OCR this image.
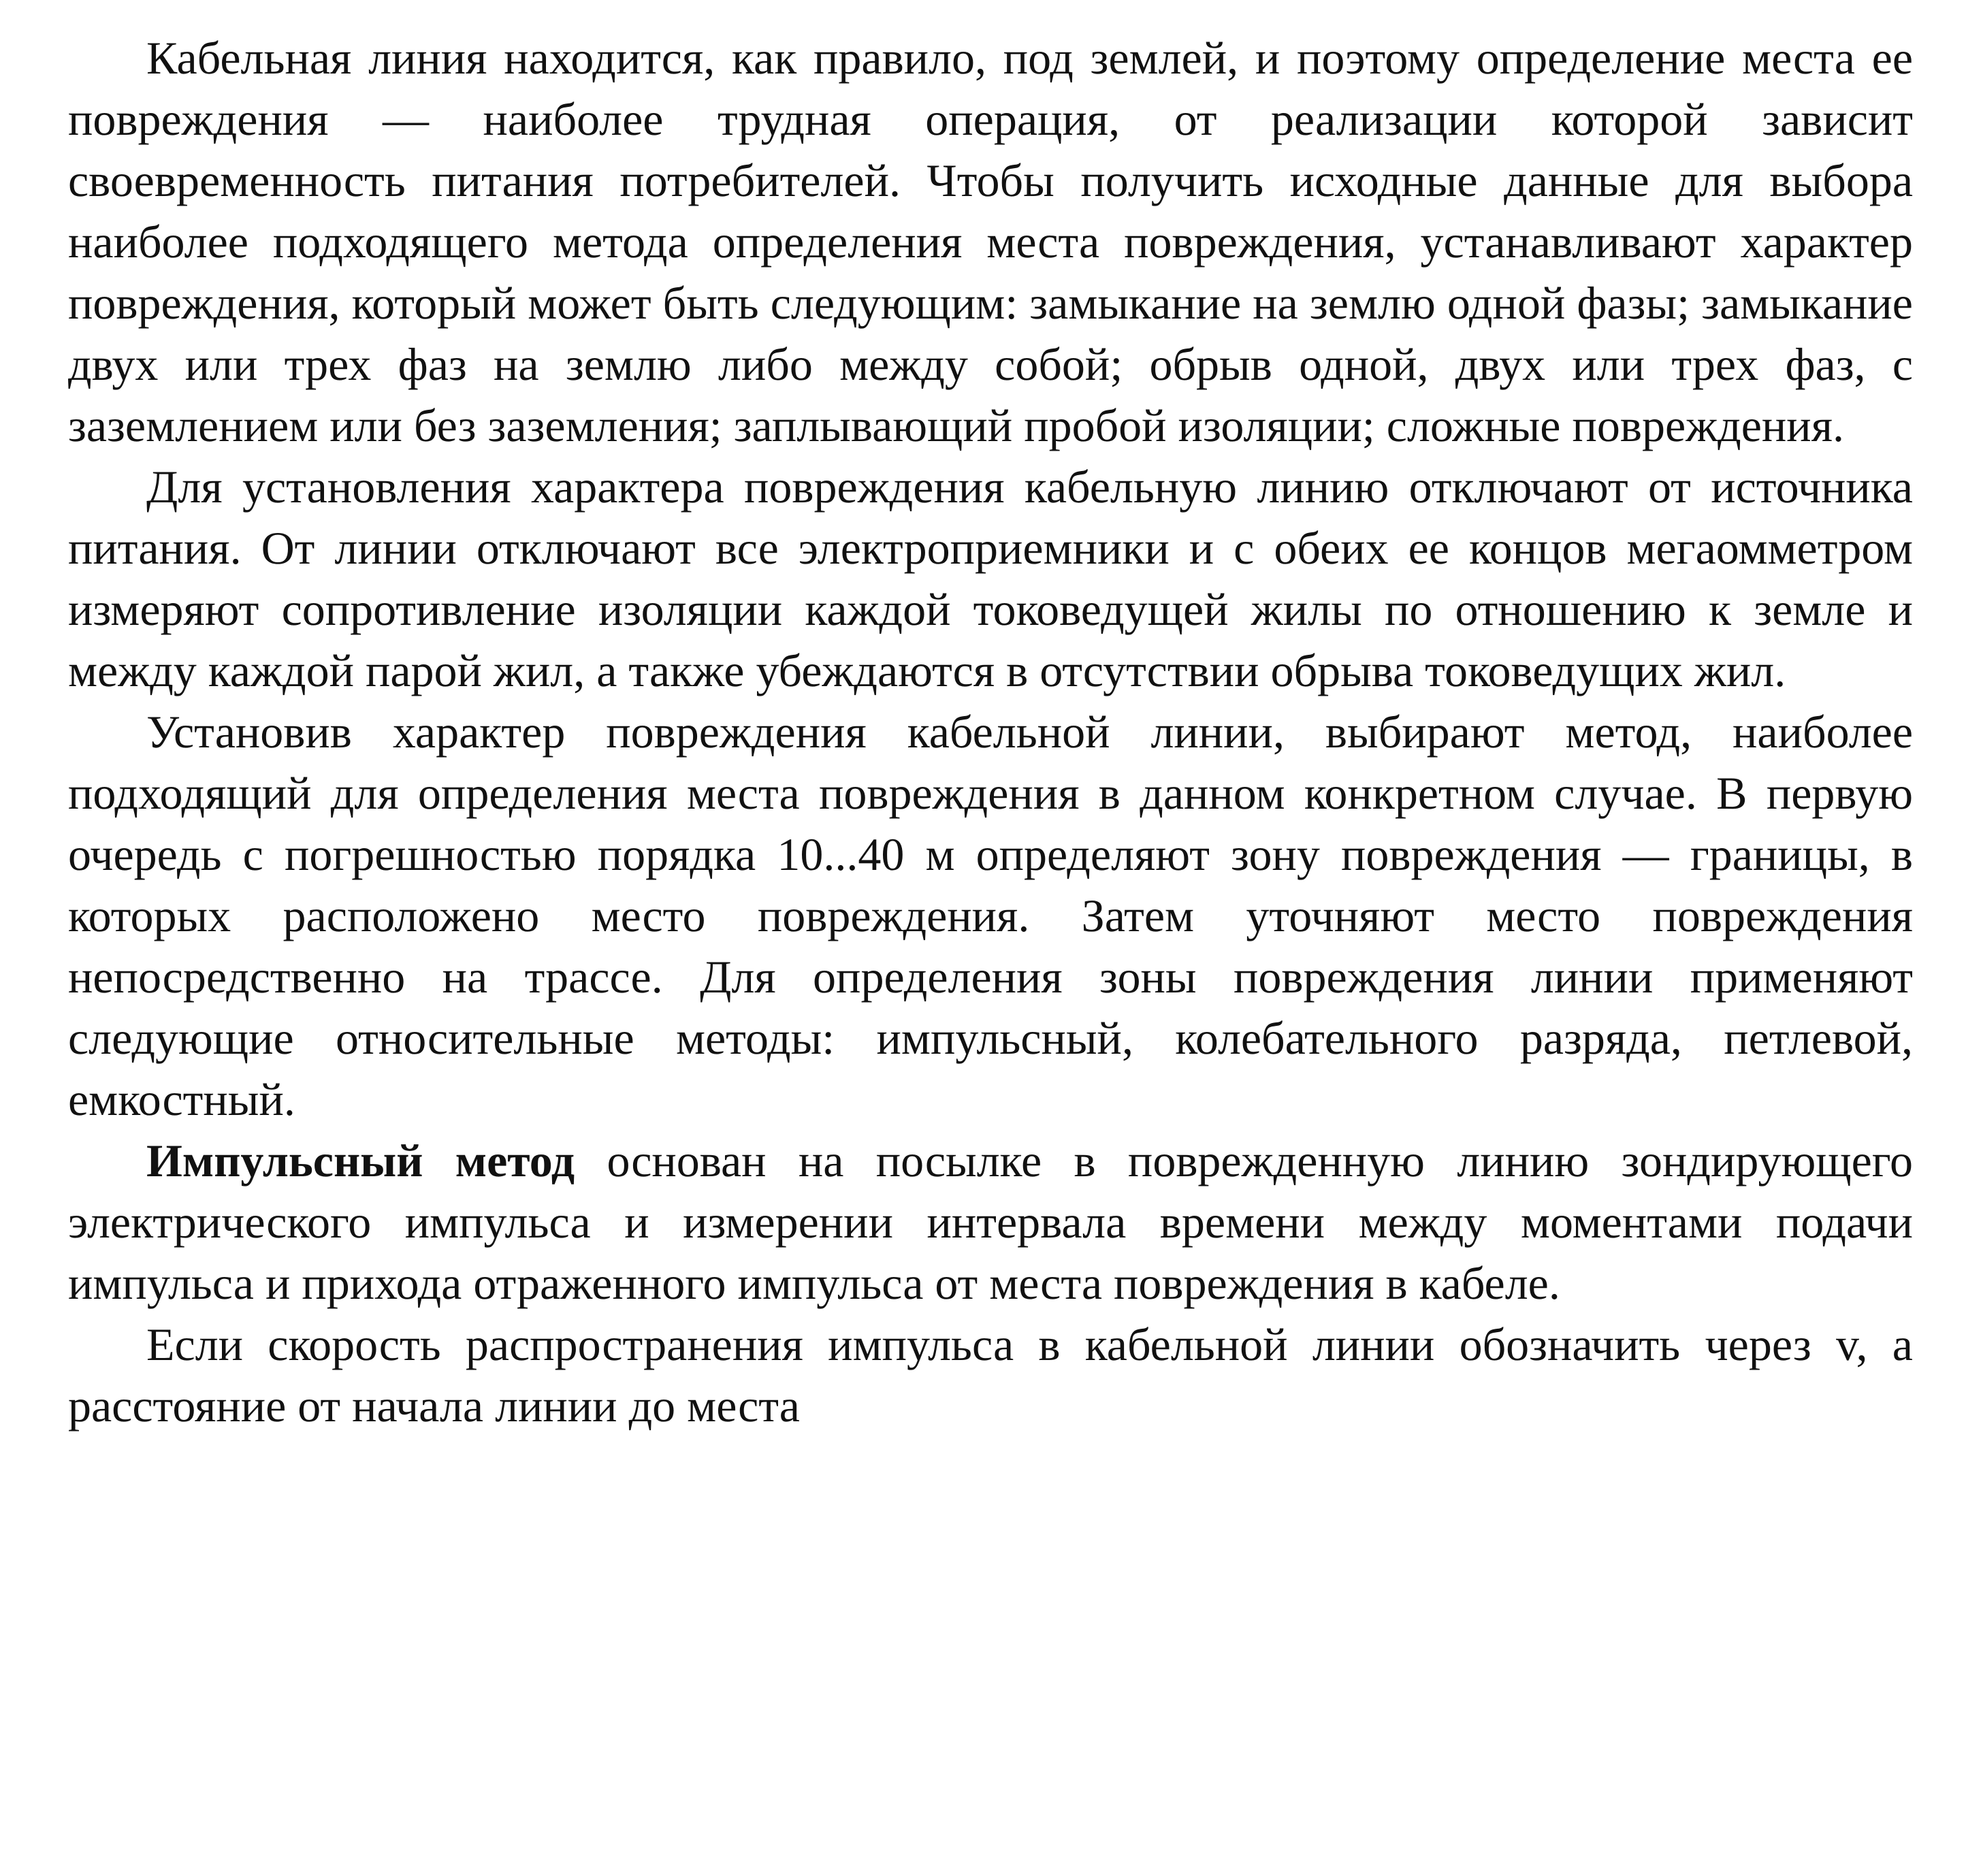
Кабельная линия находится, как правило, под землей, и поэтому определение места ее повреждения — наиболее трудная операция, от реализации которой зависит своевременность питания потребителей. Чтобы получить исходные данные для выбора наиболее подходящего метода определения места повреждения, устанавливают характер повреждения, который может быть следующим: замыкание на землю одной фазы; замыкание двух или трех фаз на землю либо между собой; обрыв одной, двух или трех фаз, с заземлением или без заземления; заплывающий пробой изоляции; сложные повреждения.

Для установления характера повреждения кабельную линию отключают от источника питания. От линии отключают все электроприемники и с обеих ее концов мегаомметром измеряют сопротивление изоляции каждой токоведущей жилы по отношению к земле и между каждой парой жил, а также убеждаются в отсутствии обрыва токоведущих жил.

Установив характер повреждения кабельной линии, выбирают метод, наиболее подходящий для определения места повреждения в данном конкретном случае. В первую очередь с погрешностью порядка 10...40 м определяют зону повреждения — границы, в которых расположено место повреждения. Затем уточняют место повреждения непосредственно на трассе. Для определения зоны повреждения линии применяют следующие относительные методы: импульсный, колебательного разряда, петлевой, емкостный.

Импульсный метод основан на посылке в поврежденную линию зондирующего электрического импульса и измерении интервала времени между моментами подачи импульса и прихода отраженного импульса от места повреждения в кабеле.

Если скорость распространения импульса в кабельной линии обозначить через v, а расстояние от начала линии до места
